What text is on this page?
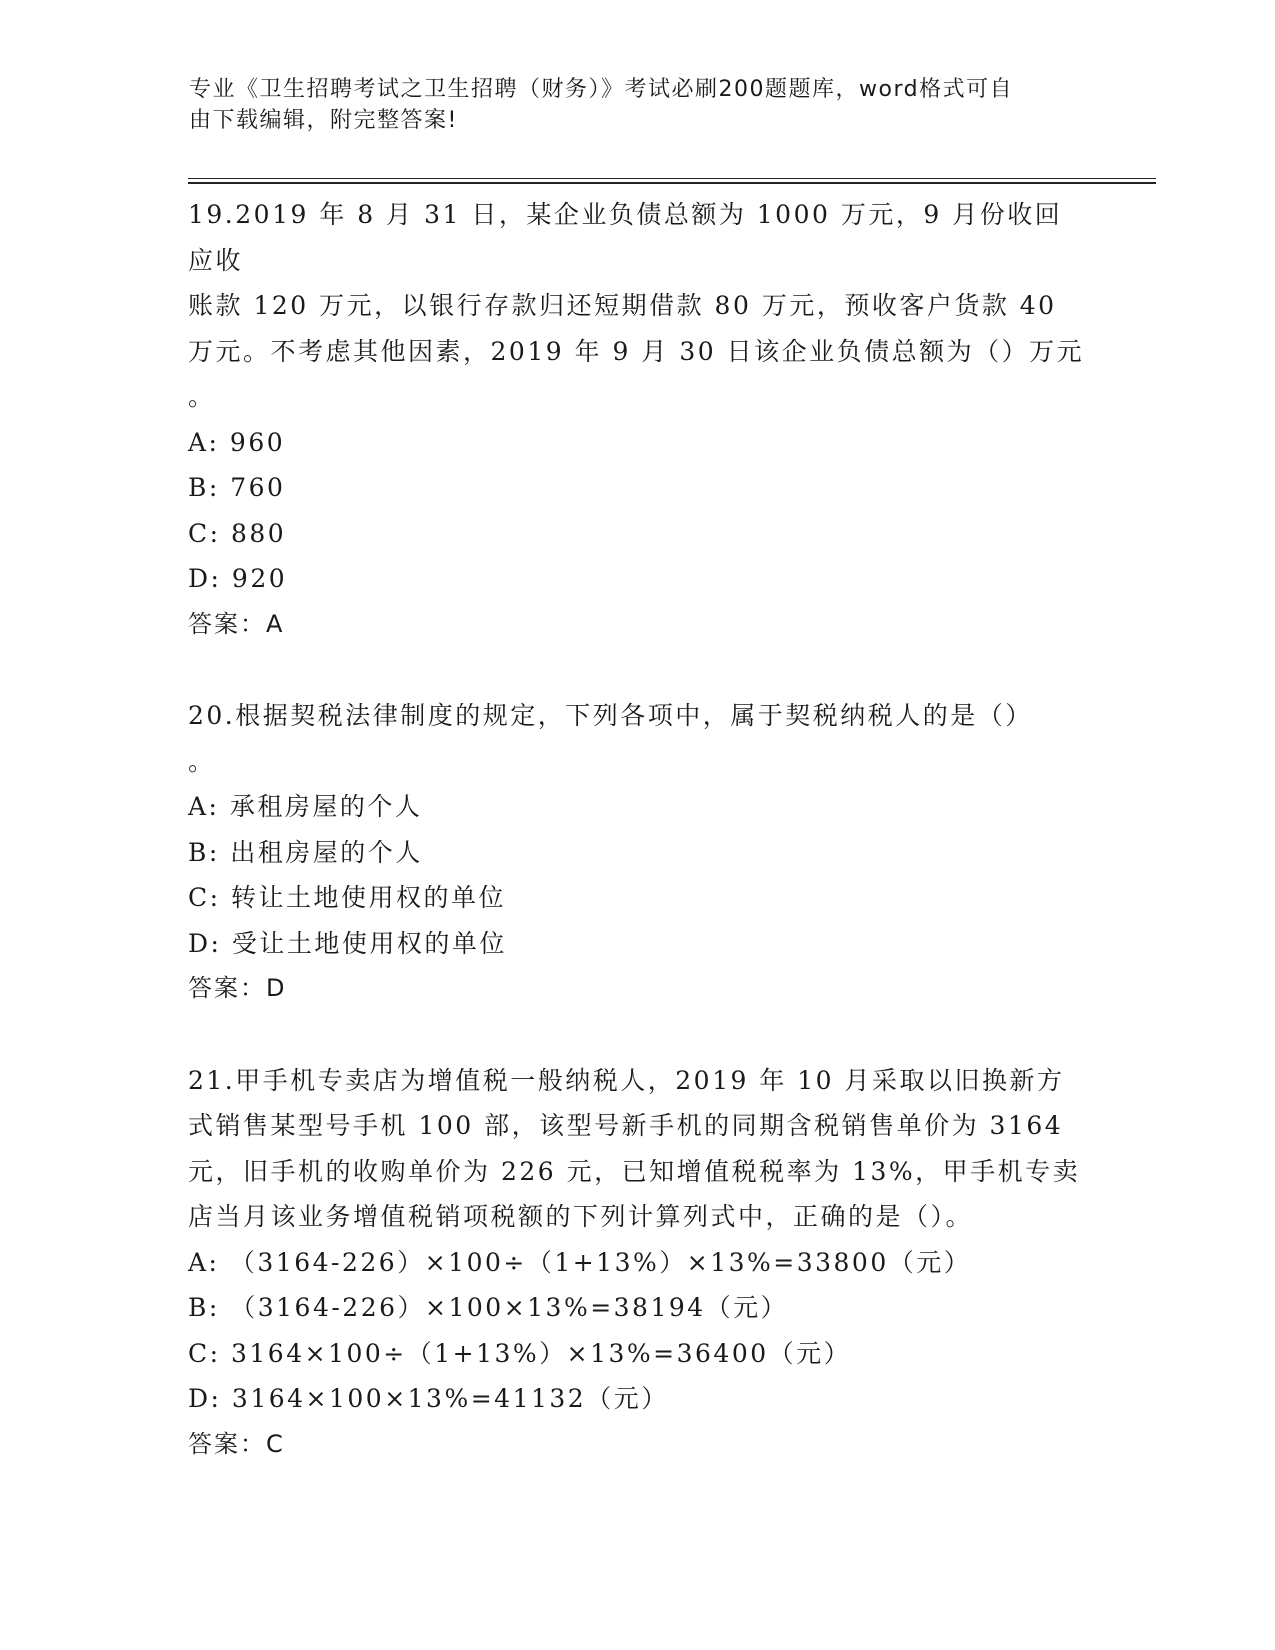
专业《卫生招聘考试之卫生招聘（财务）》考试必刷200题题库，word格式可自
由下载编辑，附完整答案!

19.2019 年 8 月 31 日，某企业负债总额为 1000 万元，9 月份收回应收
账款 120 万元，以银行存款归还短期借款 80 万元，预收客户货款 40
万元。不考虑其他因素，2019 年 9 月 30 日该企业负债总额为（）万元
。

A: 960

B: 760

C: 880

D: 920

答案：A

20.根据契税法律制度的规定，下列各项中，属于契税纳税人的是（）
。

A: 承租房屋的个人

B: 出租房屋的个人

C: 转让土地使用权的单位

D: 受让土地使用权的单位

答案：D

21.甲手机专卖店为增值税一般纳税人，2019 年 10 月采取以旧换新方
式销售某型号手机 100 部，该型号新手机的同期含税销售单价为 3164
元，旧手机的收购单价为 226 元，已知增值税税率为 13%，甲手机专卖
店当月该业务增值税销项税额的下列计算列式中，正确的是（）。

A: （3164-226）×100÷（1+13%）×13%=33800（元）

B: （3164-226）×100×13%=38194（元）

C: 3164×100÷（1+13%）×13%=36400（元）

D: 3164×100×13%=41132（元）

答案：C
